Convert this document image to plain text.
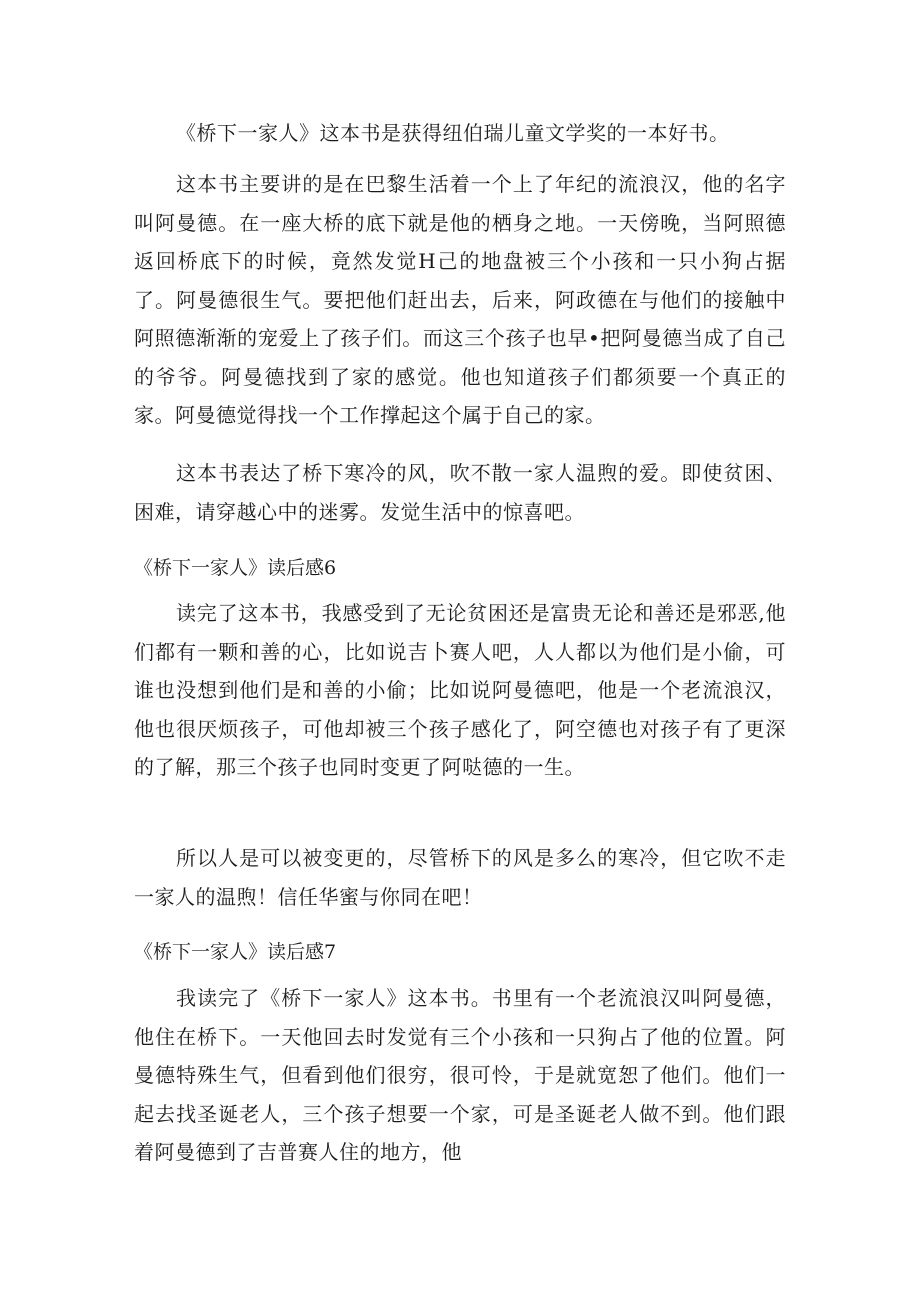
《桥下一家人》这本书是获得纽伯瑞儿童文学奖的一本好书。

这本书主要讲的是在巴黎生活着一个上了年纪的流浪汉，他的名字叫阿曼德。在一座大桥的底下就是他的栖身之地。一天傍晚，当阿照德返回桥底下的时候，竟然发觉H己的地盘被三个小孩和一只小狗占据了。阿曼德很生气。要把他们赶出去，后来，阿政德在与他们的接触中阿照德渐渐的宠爱上了孩子们。而这三个孩子也早•把阿曼德当成了自己的爷爷。阿曼德找到了家的感觉。他也知道孩子们都须要一个真正的家。阿曼德觉得找一个工作撑起这个属于自己的家。

这本书表达了桥下寒冷的风，吹不散一家人温煦的爱。即使贫困、困难，请穿越心中的迷雾。发觉生活中的惊喜吧。

《桥下一家人》读后感6

读完了这本书，我感受到了无论贫困还是富贵无论和善还是邪恶,他们都有一颗和善的心，比如说吉卜赛人吧，人人都以为他们是小偷，可谁也没想到他们是和善的小偷；比如说阿曼德吧，他是一个老流浪汉，他也很厌烦孩子，可他却被三个孩子感化了，阿空德也对孩子有了更深的了解，那三个孩子也同时变更了阿哒德的一生。

所以人是可以被变更的，尽管桥下的风是多么的寒冷，但它吹不走一家人的温煦！信任华蜜与你同在吧！

《桥下一家人》读后感7

我读完了《桥下一家人》这本书。书里有一个老流浪汉叫阿曼德，他住在桥下。一天他回去时发觉有三个小孩和一只狗占了他的位置。阿曼德特殊生气，但看到他们很穷，很可怜，于是就宽恕了他们。他们一起去找圣诞老人，三个孩子想要一个家，可是圣诞老人做不到。他们跟着阿曼德到了吉普赛人住的地方，他
